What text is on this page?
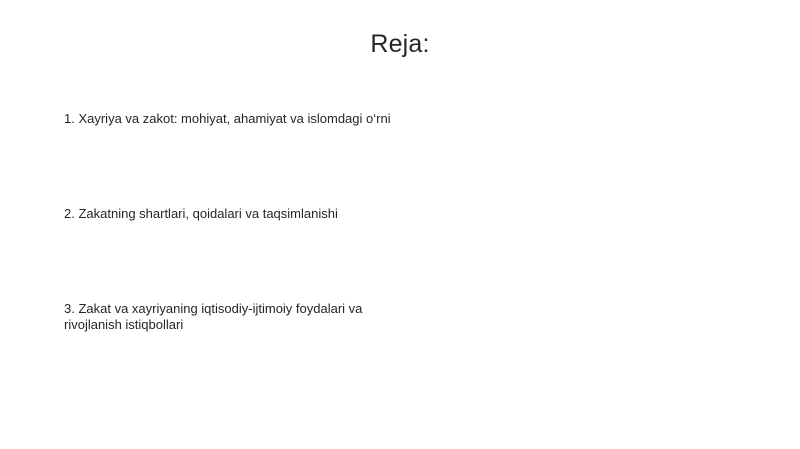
Reja:
1. Xayriya va zakot: mohiyat, ahamiyat va islomdagi o‘rni
2. Zakatning shartlari, qoidalari va taqsimlanishi
3. Zakat va xayriyaning iqtisodiy-ijtimoiy foydalari va rivojlanish istiqbollari
